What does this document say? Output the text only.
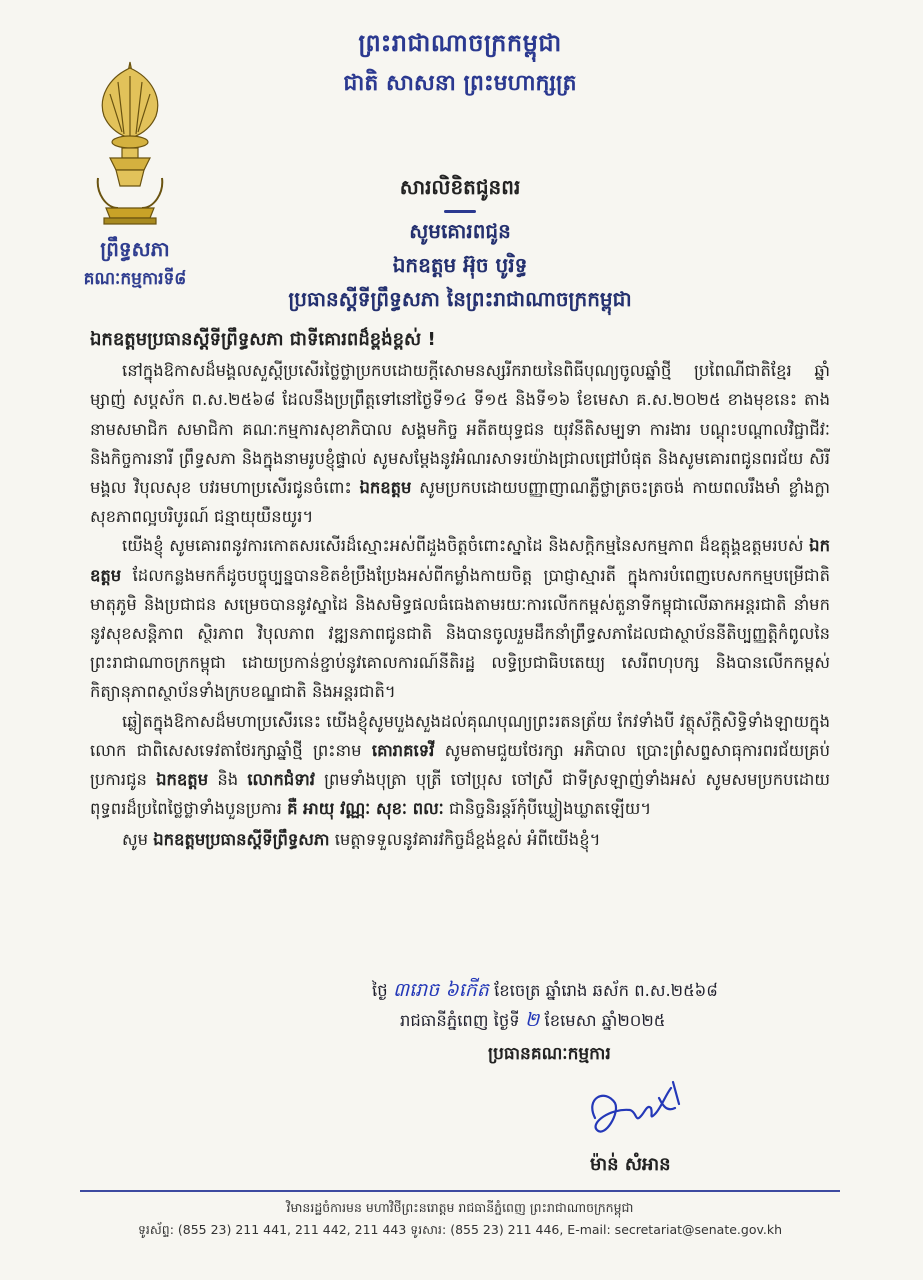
ព្រឹទ្ធសភា
គណៈកម្មការទី៨
ព្រះរាជាណាចក្រកម្ពុជា
ជាតិ សាសនា ព្រះមហាក្សត្រ
សារលិខិតជូនពរ
សូមគោរពជូន
ឯកឧត្តម អ៊ុច បូរិទ្ធ
ប្រធានស្តីទីព្រឹទ្ធសភា នៃព្រះរាជាណាចក្រកម្ពុជា
ឯកឧត្តមប្រធានស្តីទីព្រឹទ្ធសភា ជាទីគោរពដ៏ខ្ពង់ខ្ពស់ !

នៅក្នុងឱកាសដ៏មង្គលសួស្តីប្រសើរថ្លៃថ្លាប្រកបដោយក្តីសោមនស្សរីករាយនៃពិធីបុណ្យចូលឆ្នាំថ្មី ប្រពៃណីជាតិខ្មែរ ឆ្នាំម្សាញ់ សប្តស័ក ព.ស.២៥៦៨ ដែលនឹងប្រព្រឹត្តទៅនៅថ្ងៃទី១៤ ទី១៥ និងទី១៦ ខែមេសា គ.ស.២០២៥ ខាងមុខនេះ តាងនាមសមាជិក សមាជិកា គណៈកម្មការសុខាភិបាល សង្គមកិច្ច អតីតយុទ្ធជន យុវនីតិសម្បទា ការងារ បណ្តុះបណ្តាលវិជ្ជាជីវៈ និងកិច្ចការនារី ព្រឹទ្ធសភា និងក្នុងនាមរូបខ្ញុំផ្ទាល់ សូមសម្តែងនូវអំណរសាទរយ៉ាងជ្រាលជ្រៅបំផុត និងសូមគោរពជូនពរជ័យ សិរីមង្គល វិបុលសុខ បវរមហាប្រសើរជូនចំពោះ ឯកឧត្តម សូមប្រកបដោយបញ្ញាញាណភ្លឺថ្លាត្រចះត្រចង់ កាយពលរឹងមាំ ខ្លាំងក្លា សុខភាពល្អបរិបូរណ៍ ជន្មាយុយឺនយូរ។

យើងខ្ញុំ សូមគោរពនូវការកោតសរសើរដ៏ស្មោះអស់ពីដួងចិត្តចំពោះស្នាដៃ និងសក្តិកម្មនៃសកម្មភាព ដ៏ឧត្តុង្គឧត្តមរបស់ ឯកឧត្តម ដែលកន្លងមកក៏ដូចបច្ចុប្បន្នបានខិតខំប្រឹងប្រែងអស់ពីកម្លាំងកាយចិត្ត ប្រាជ្ញាស្មារតី ក្នុងការបំពេញបេសកកម្មបម្រើជាតិ មាតុភូមិ និងប្រជាជន សម្រេចបាននូវស្នាដៃ និងសមិទ្ធផលធំធេងតាមរយៈការលើកកម្ពស់តួនាទីកម្ពុជាលើឆាកអន្តរជាតិ នាំមកនូវសុខសន្តិភាព ស្ថិរភាព វិបុលភាព វឌ្ឍនភាពជូនជាតិ និងបានចូលរួមដឹកនាំព្រឹទ្ធសភាដែលជាស្ថាប័ននីតិប្បញ្ញត្តិកំពូលនៃព្រះរាជាណាចក្រកម្ពុជា ដោយប្រកាន់ខ្ជាប់នូវគោលការណ៍នីតិរដ្ឋ លទ្ធិប្រជាធិបតេយ្យ សេរីពហុបក្ស និងបានលើកកម្ពស់កិត្យានុភាពស្ថាប័នទាំងក្របខណ្ឌជាតិ និងអន្តរជាតិ។

ឆ្លៀតក្នុងឱកាសដ៏មហាប្រសើរនេះ យើងខ្ញុំសូមបួងសួងដល់គុណបុណ្យព្រះរតនត្រ័យ កែវទាំងបី វត្ថុស័ក្តិសិទ្ធិទាំងឡាយក្នុងលោក ជាពិសេសទេវតាថែរក្សាឆ្នាំថ្មី ព្រះនាម គោរាគទេវី សូមតាមជួយថែរក្សា អភិបាល ប្រោះព្រំសព្ទសាធុការពរជ័យគ្រប់ប្រការជូន ឯកឧត្តម និង លោកជំទាវ ព្រមទាំងបុត្រា បុត្រី ចៅប្រុស ចៅស្រី ជាទីស្រឡាញ់ទាំងអស់ សូមសមប្រកបដោយពុទ្ធពរដ៏ប្រពៃថ្លៃថ្លាទាំងបួនប្រការ គឺ អាយុ វណ្ណៈ សុខៈ ពលៈ ជានិច្ចនិរន្តរ៍កុំបីឃ្លៀងឃ្លាតឡើយ។

សូម ឯកឧត្តមប្រធានស្តីទីព្រឹទ្ធសភា មេត្តាទទួលនូវគារវកិច្ចដ៏ខ្ពង់ខ្ពស់ អំពីយើងខ្ញុំ។
ថ្ងៃ ៣រោច ៦កើត ខែចេត្រ ឆ្នាំរោង ឆស័ក ព.ស.២៥៦៨
រាជធានីភ្នំពេញ ថ្ងៃទី ២ ខែមេសា ឆ្នាំ២០២៥
ប្រធានគណៈកម្មការ
ម៉ាន់ សំអាន
វិមានរដ្ឋចំការមន មហាវិថីព្រះនរោត្តម រាជធានីភ្នំពេញ ព្រះរាជាណាចក្រកម្ពុជា
ទូរស័ព្ទ: (855 23) 211 441, 211 442, 211 443 ទូរសារ: (855 23) 211 446, E-mail: secretariat@senate.gov.kh
